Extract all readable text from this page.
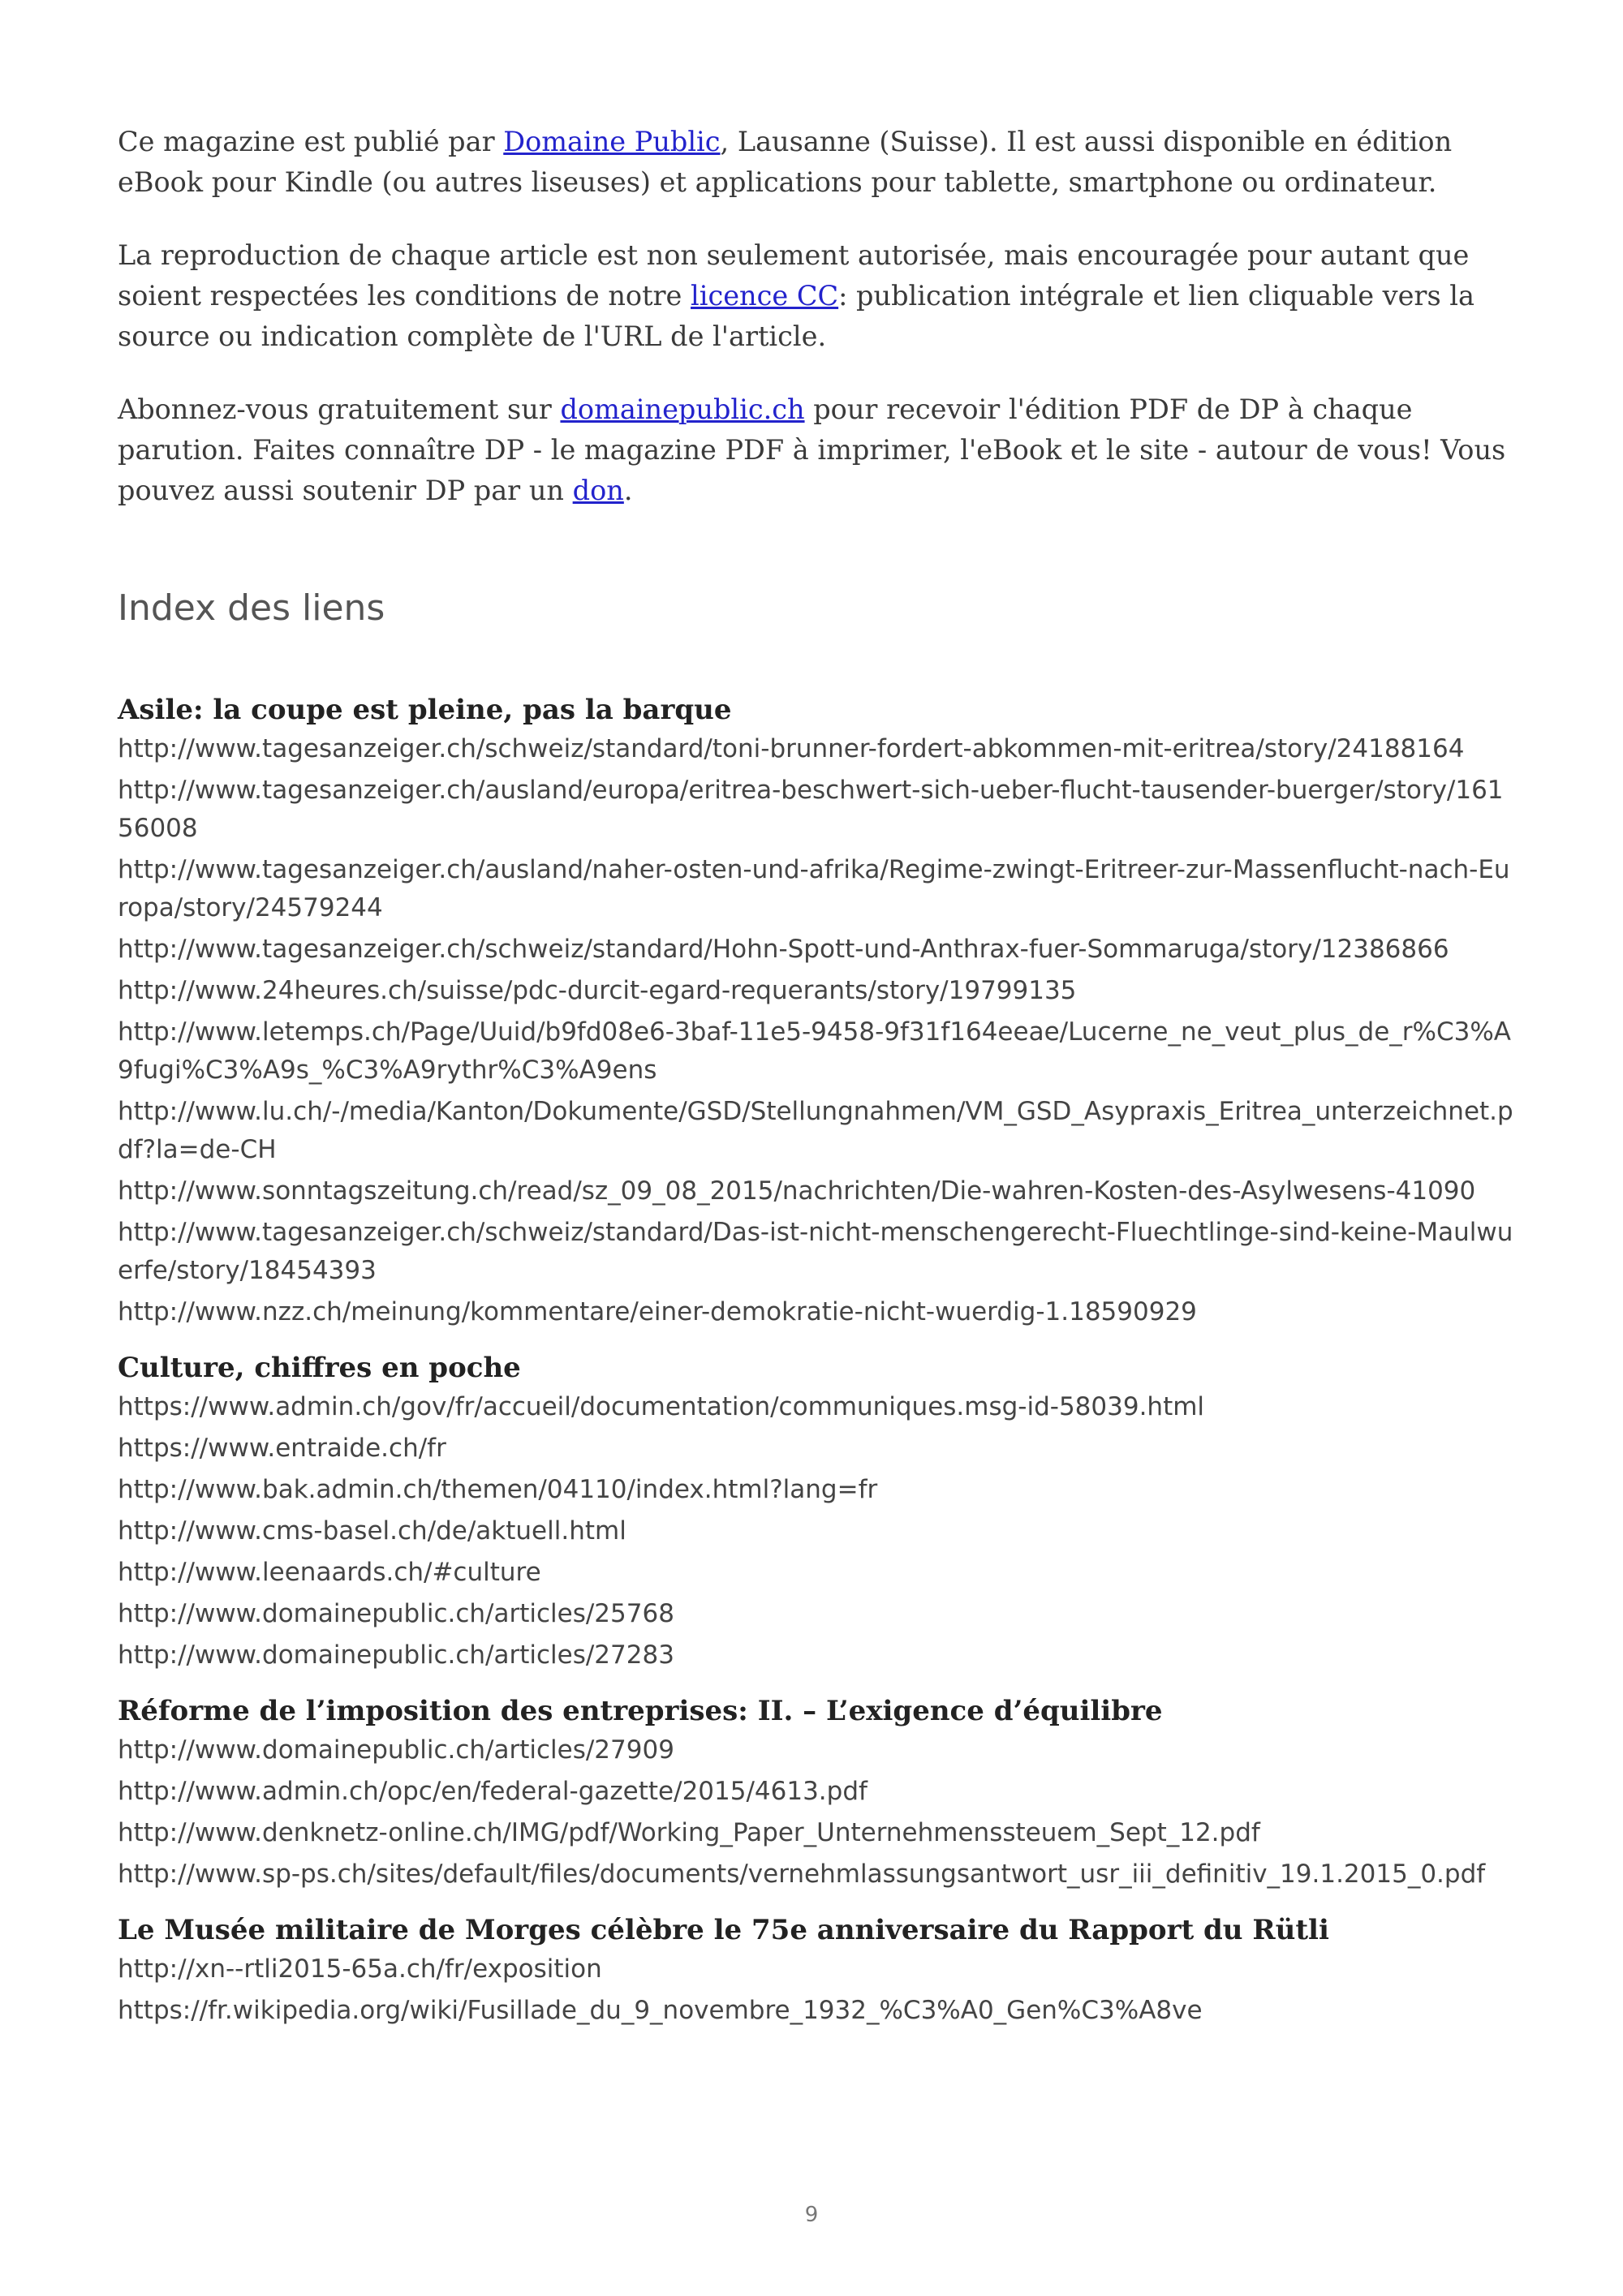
Ce magazine est publié par Domaine Public, Lausanne (Suisse). Il est aussi disponible en édition eBook pour Kindle (ou autres liseuses) et applications pour tablette, smartphone ou ordinateur.

La reproduction de chaque article est non seulement autorisée, mais encouragée pour autant que soient respectées les conditions de notre licence CC: publication intégrale et lien cliquable vers la source ou indication complète de l'URL de l'article.

Abonnez-vous gratuitement sur domainepublic.ch pour recevoir l'édition PDF de DP à chaque parution. Faites connaître DP - le magazine PDF à imprimer, l'eBook et le site - autour de vous! Vous pouvez aussi soutenir DP par un don.

Index des liens
Asile: la coupe est pleine, pas la barque
http://www.tagesanzeiger.ch/schweiz/standard/toni-brunner-fordert-abkommen-mit-eritrea/story/24188164
http://www.tagesanzeiger.ch/ausland/europa/eritrea-beschwert-sich-ueber-flucht-tausender-buerger/story/16156008
http://www.tagesanzeiger.ch/ausland/naher-osten-und-afrika/Regime-zwingt-Eritreer-zur-Massenflucht-nach-Europa/story/24579244
http://www.tagesanzeiger.ch/schweiz/standard/Hohn-Spott-und-Anthrax-fuer-Sommaruga/story/12386866
http://www.24heures.ch/suisse/pdc-durcit-egard-requerants/story/19799135
http://www.letemps.ch/Page/Uuid/b9fd08e6-3baf-11e5-9458-9f31f164eeae/Lucerne_ne_veut_plus_de_r%C3%A9fugi%C3%A9s_%C3%A9rythr%C3%A9ens
http://www.lu.ch/-/media/Kanton/Dokumente/GSD/Stellungnahmen/VM_GSD_Asypraxis_Eritrea_unterzeichnet.pdf?la=de-CH
http://www.sonntagszeitung.ch/read/sz_09_08_2015/nachrichten/Die-wahren-Kosten-des-Asylwesens-41090
http://www.tagesanzeiger.ch/schweiz/standard/Das-ist-nicht-menschengerecht-Fluechtlinge-sind-keine-Maulwuerfe/story/18454393
http://www.nzz.ch/meinung/kommentare/einer-demokratie-nicht-wuerdig-1.18590929
Culture, chiffres en poche
https://www.admin.ch/gov/fr/accueil/documentation/communiques.msg-id-58039.html
https://www.entraide.ch/fr
http://www.bak.admin.ch/themen/04110/index.html?lang=fr
http://www.cms-basel.ch/de/aktuell.html
http://www.leenaards.ch/#culture
http://www.domainepublic.ch/articles/25768
http://www.domainepublic.ch/articles/27283
Réforme de l’imposition des entreprises: II. – L’exigence d’équilibre
http://www.domainepublic.ch/articles/27909
http://www.admin.ch/opc/en/federal-gazette/2015/4613.pdf
http://www.denknetz-online.ch/IMG/pdf/Working_Paper_Unternehmenssteuem_Sept_12.pdf
http://www.sp-ps.ch/sites/default/files/documents/vernehmlassungsantwort_usr_iii_definitiv_19.1.2015_0.pdf
Le Musée militaire de Morges célèbre le 75e anniversaire du Rapport du Rütli
http://xn--rtli2015-65a.ch/fr/exposition
https://fr.wikipedia.org/wiki/Fusillade_du_9_novembre_1932_%C3%A0_Gen%C3%A8ve
9
